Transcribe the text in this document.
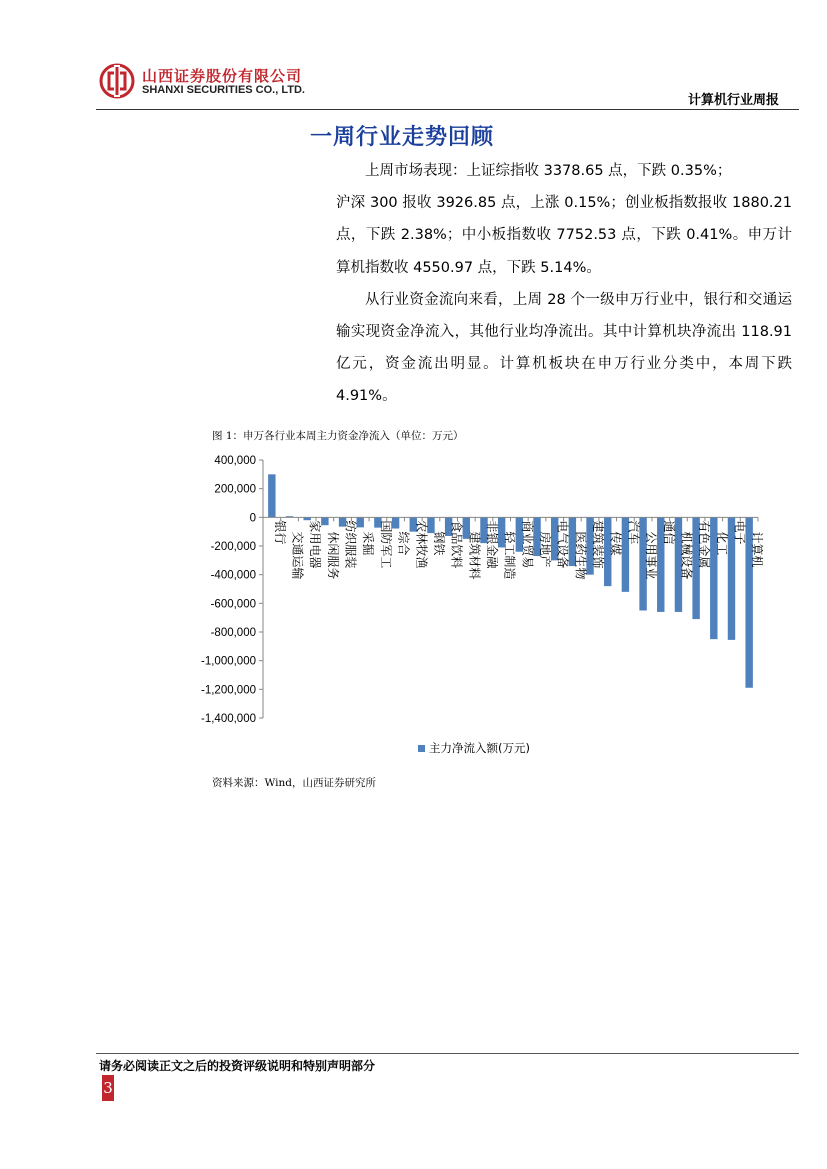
山西证券股份有限公司
SHANXI SECURITIES CO., LTD.
计算机行业周报
一周行业走势回顾

上周市场表现：上证综指收 3378.65 点，下跌 0.35%；

沪深 300 报收 3926.85 点，上涨 0.15%；创业板指数报收 1880.21 点，下跌 2.38%；中小板指数收 7752.53 点，下跌 0.41%。申万计算机指数收 4550.97 点，下跌 5.14%。

从行业资金流向来看，上周 28 个一级申万行业中，银行和交通运输实现资金净流入，其他行业均净流出。其中计算机块净流出 118.91 亿元，资金流出明显。计算机板块在申万行业分类中，本周下跌 4.91%。

图 1：申万各行业本周主力资金净流入（单位：万元）
400,000
200,000
0
-200,000
-400,000
-600,000
-800,000
-1,000,000
-1,200,000
-1,400,000
银行 交通运输 家用电器 休闲服务 纺织服装 采掘 国防军工 综合 农林牧渔 钢铁 食品饮料 建筑材料 非银金融 轻工制造 商业贸易 房地产 电气设备 医药生物 建筑装饰 传媒 汽车 公用事业 通信 机械设备 有色金属 化工 电子 计算机
主力净流入额(万元)
资料来源：Wind，山西证券研究所
请务必阅读正文之后的投资评级说明和特别声明部分
3
